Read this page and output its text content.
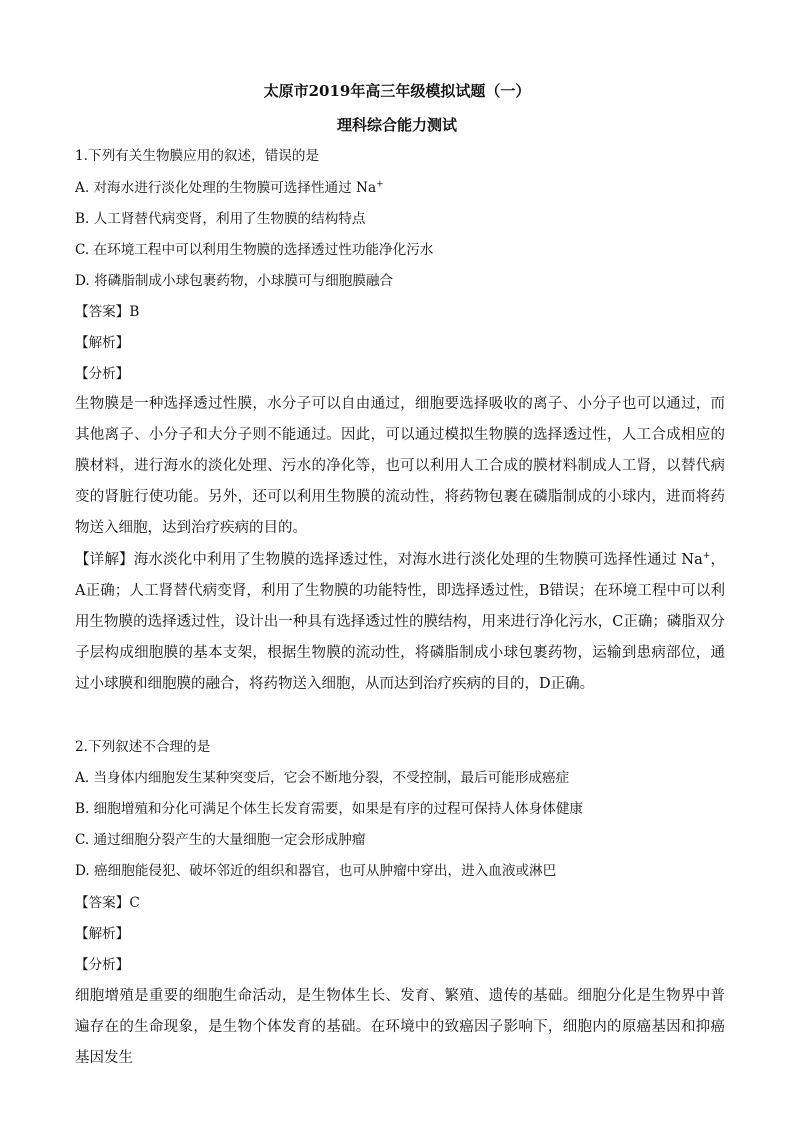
太原市2019年高三年级模拟试题（一）
理科综合能力测试
1.下列有关生物膜应用的叙述，错误的是
A. 对海水进行淡化处理的生物膜可选择性通过 Na+
B. 人工肾替代病变肾，利用了生物膜的结构特点
C. 在环境工程中可以利用生物膜的选择透过性功能净化污水
D. 将磷脂制成小球包裹药物，小球膜可与细胞膜融合
【答案】B
【解析】
【分析】
生物膜是一种选择透过性膜，水分子可以自由通过，细胞要选择吸收的离子、小分子也可以通过，而其他离子、小分子和大分子则不能通过。因此，可以通过模拟生物膜的选择透过性，人工合成相应的膜材料，进行海水的淡化处理、污水的净化等，也可以利用人工合成的膜材料制成人工肾，以替代病变的肾脏行使功能。另外，还可以利用生物膜的流动性，将药物包裹在磷脂制成的小球内，进而将药物送入细胞，达到治疗疾病的目的。
【详解】海水淡化中利用了生物膜的选择透过性，对海水进行淡化处理的生物膜可选择性通过 Na+，A正确；人工肾替代病变肾，利用了生物膜的功能特性，即选择透过性，B错误；在环境工程中可以利用生物膜的选择透过性，设计出一种具有选择透过性的膜结构，用来进行净化污水，C正确；磷脂双分子层构成细胞膜的基本支架，根据生物膜的流动性，将磷脂制成小球包裹药物，运输到患病部位，通过小球膜和细胞膜的融合，将药物送入细胞，从而达到治疗疾病的目的，D正确。
2.下列叙述不合理的是
A. 当身体内细胞发生某种突变后，它会不断地分裂，不受控制，最后可能形成癌症
B. 细胞增殖和分化可满足个体生长发育需要，如果是有序的过程可保持人体身体健康
C. 通过细胞分裂产生的大量细胞一定会形成肿瘤
D. 癌细胞能侵犯、破坏邻近的组织和器官，也可从肿瘤中穿出，进入血液或淋巴
【答案】C
【解析】
【分析】
细胞增殖是重要的细胞生命活动，是生物体生长、发育、繁殖、遗传的基础。细胞分化是生物界中普遍存在的生命现象，是生物个体发育的基础。在环境中的致癌因子影响下，细胞内的原癌基因和抑癌基因发生
